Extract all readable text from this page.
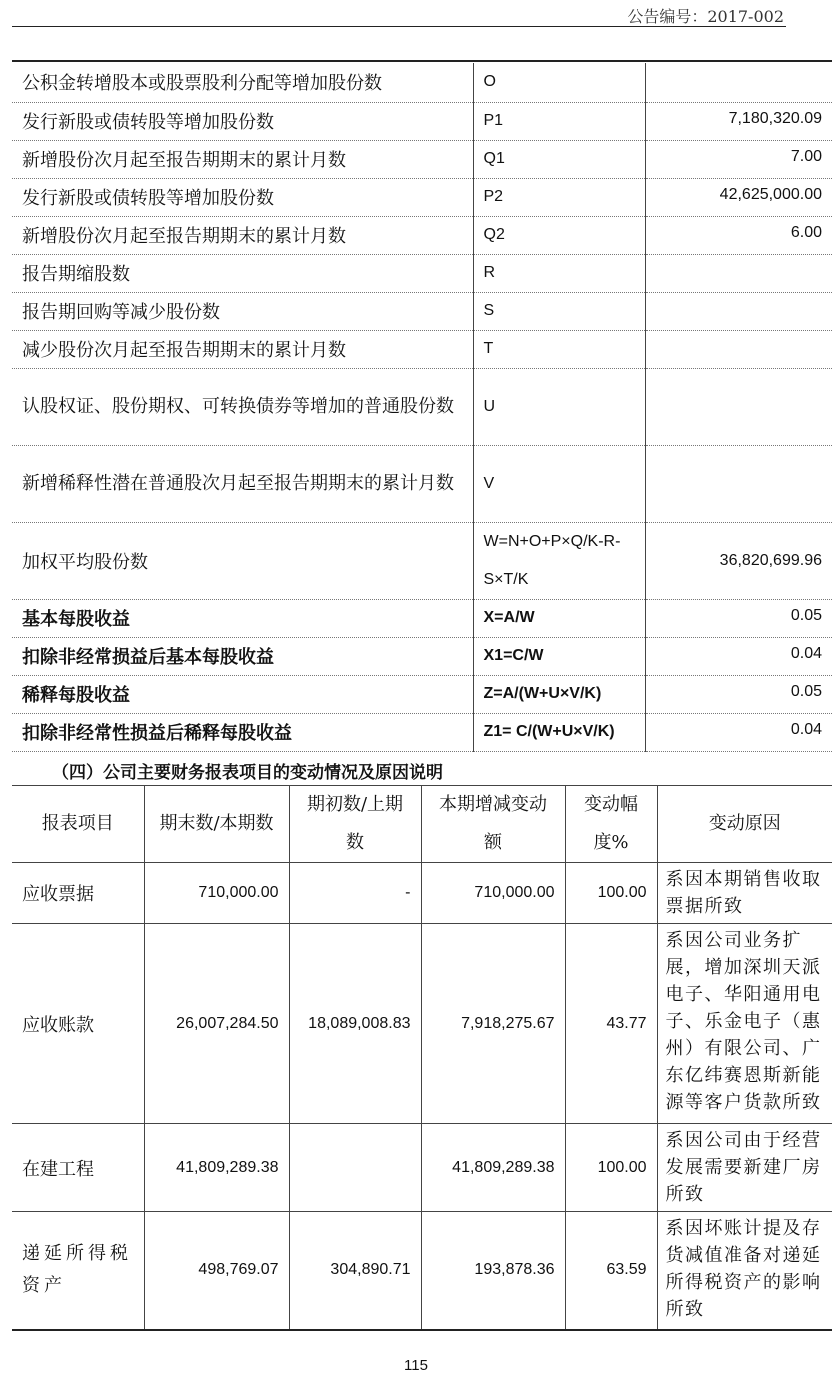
公告编号：2017-002
公积金转增股本或股票股利分配等增加股份数	O	
发行新股或债转股等增加股份数	P1	7,180,320.09
新增股份次月起至报告期期末的累计月数	Q1	7.00
发行新股或债转股等增加股份数	P2	42,625,000.00
新增股份次月起至报告期期末的累计月数	Q2	6.00
报告期缩股数	R	
报告期回购等减少股份数	S	
减少股份次月起至报告期期末的累计月数	T	
认股权证、股份期权、可转换债券等增加的普通股份数	U	
新增稀释性潜在普通股次月起至报告期期末的累计月数	V	
加权平均股份数	W=N+O+P×Q/K-R-S×T/K	36,820,699.96
基本每股收益	X=A/W	0.05
扣除非经常损益后基本每股收益	X1=C/W	0.04
稀释每股收益	Z=A/(W+U×V/K)	0.05
扣除非经常性损益后稀释每股收益	Z1= C/(W+U×V/K)	0.04
（四）公司主要财务报表项目的变动情况及原因说明
报表项目	期末数/本期数	期初数/上期数	本期增减变动额	变动幅度%	变动原因
应收票据	710,000.00	-	710,000.00	100.00	系因本期销售收取票据所致
应收账款	26,007,284.50	18,089,008.83	7,918,275.67	43.77	系因公司业务扩展，增加深圳天派电子、华阳通用电子、乐金电子（惠州）有限公司、广东亿纬赛恩斯新能源等客户货款所致
在建工程	41,809,289.38		41,809,289.38	100.00	系因公司由于经营发展需要新建厂房所致
递延所得税资产	498,769.07	304,890.71	193,878.36	63.59	系因坏账计提及存货减值准备对递延所得税资产的影响所致
115
